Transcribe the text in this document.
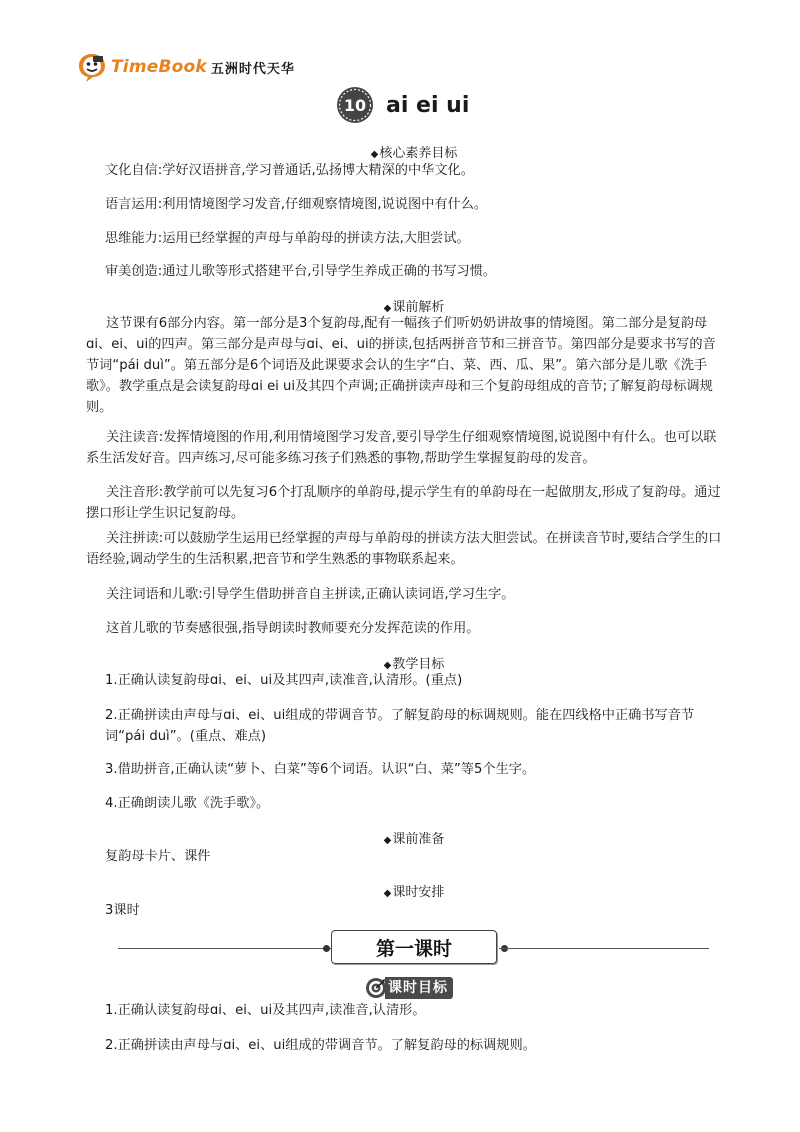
TimeBook 五洲时代天华
10 ai ei ui
◆核心素养目标

文化自信:学好汉语拼音,学习普通话,弘扬博大精深的中华文化。

语言运用:利用情境图学习发音,仔细观察情境图,说说图中有什么。

思维能力:运用已经掌握的声母与单韵母的拼读方法,大胆尝试。

审美创造:通过儿歌等形式搭建平台,引导学生养成正确的书写习惯。

◆课前解析

这节课有6部分内容。第一部分是3个复韵母,配有一幅孩子们听奶奶讲故事的情境图。第二部分是复韵母ɑi、ei、ui的四声。第三部分是声母与ɑi、ei、ui的拼读,包括两拼音节和三拼音节。第四部分是要求书写的音节词“pái duì”。第五部分是6个词语及此课要求会认的生字“白、菜、西、瓜、果”。第六部分是儿歌《洗手歌》。教学重点是会读复韵母ɑi ei ui及其四个声调;正确拼读声母和三个复韵母组成的音节;了解复韵母标调规则。

关注读音:发挥情境图的作用,利用情境图学习发音,要引导学生仔细观察情境图,说说图中有什么。也可以联系生活发好音。四声练习,尽可能多练习孩子们熟悉的事物,帮助学生掌握复韵母的发音。

关注音形:教学前可以先复习6个打乱顺序的单韵母,提示学生有的单韵母在一起做朋友,形成了复韵母。通过摆口形让学生识记复韵母。

关注拼读:可以鼓励学生运用已经掌握的声母与单韵母的拼读方法大胆尝试。在拼读音节时,要结合学生的口语经验,调动学生的生活积累,把音节和学生熟悉的事物联系起来。

关注词语和儿歌:引导学生借助拼音自主拼读,正确认读词语,学习生字。

这首儿歌的节奏感很强,指导朗读时教师要充分发挥范读的作用。

◆教学目标

1.正确认读复韵母ɑi、ei、ui及其四声,读准音,认清形。(重点)

2.正确拼读由声母与ɑi、ei、ui组成的带调音节。了解复韵母的标调规则。能在四线格中正确书写音节词“pái duì”。(重点、难点)

3.借助拼音,正确认读“萝卜、白菜”等6个词语。认识“白、菜”等5个生字。

4.正确朗读儿歌《洗手歌》。

◆课前准备

复韵母卡片、课件

◆课时安排

3课时

第一课时
课时目标

1.正确认读复韵母ɑi、ei、ui及其四声,读准音,认清形。

2.正确拼读由声母与ɑi、ei、ui组成的带调音节。了解复韵母的标调规则。
